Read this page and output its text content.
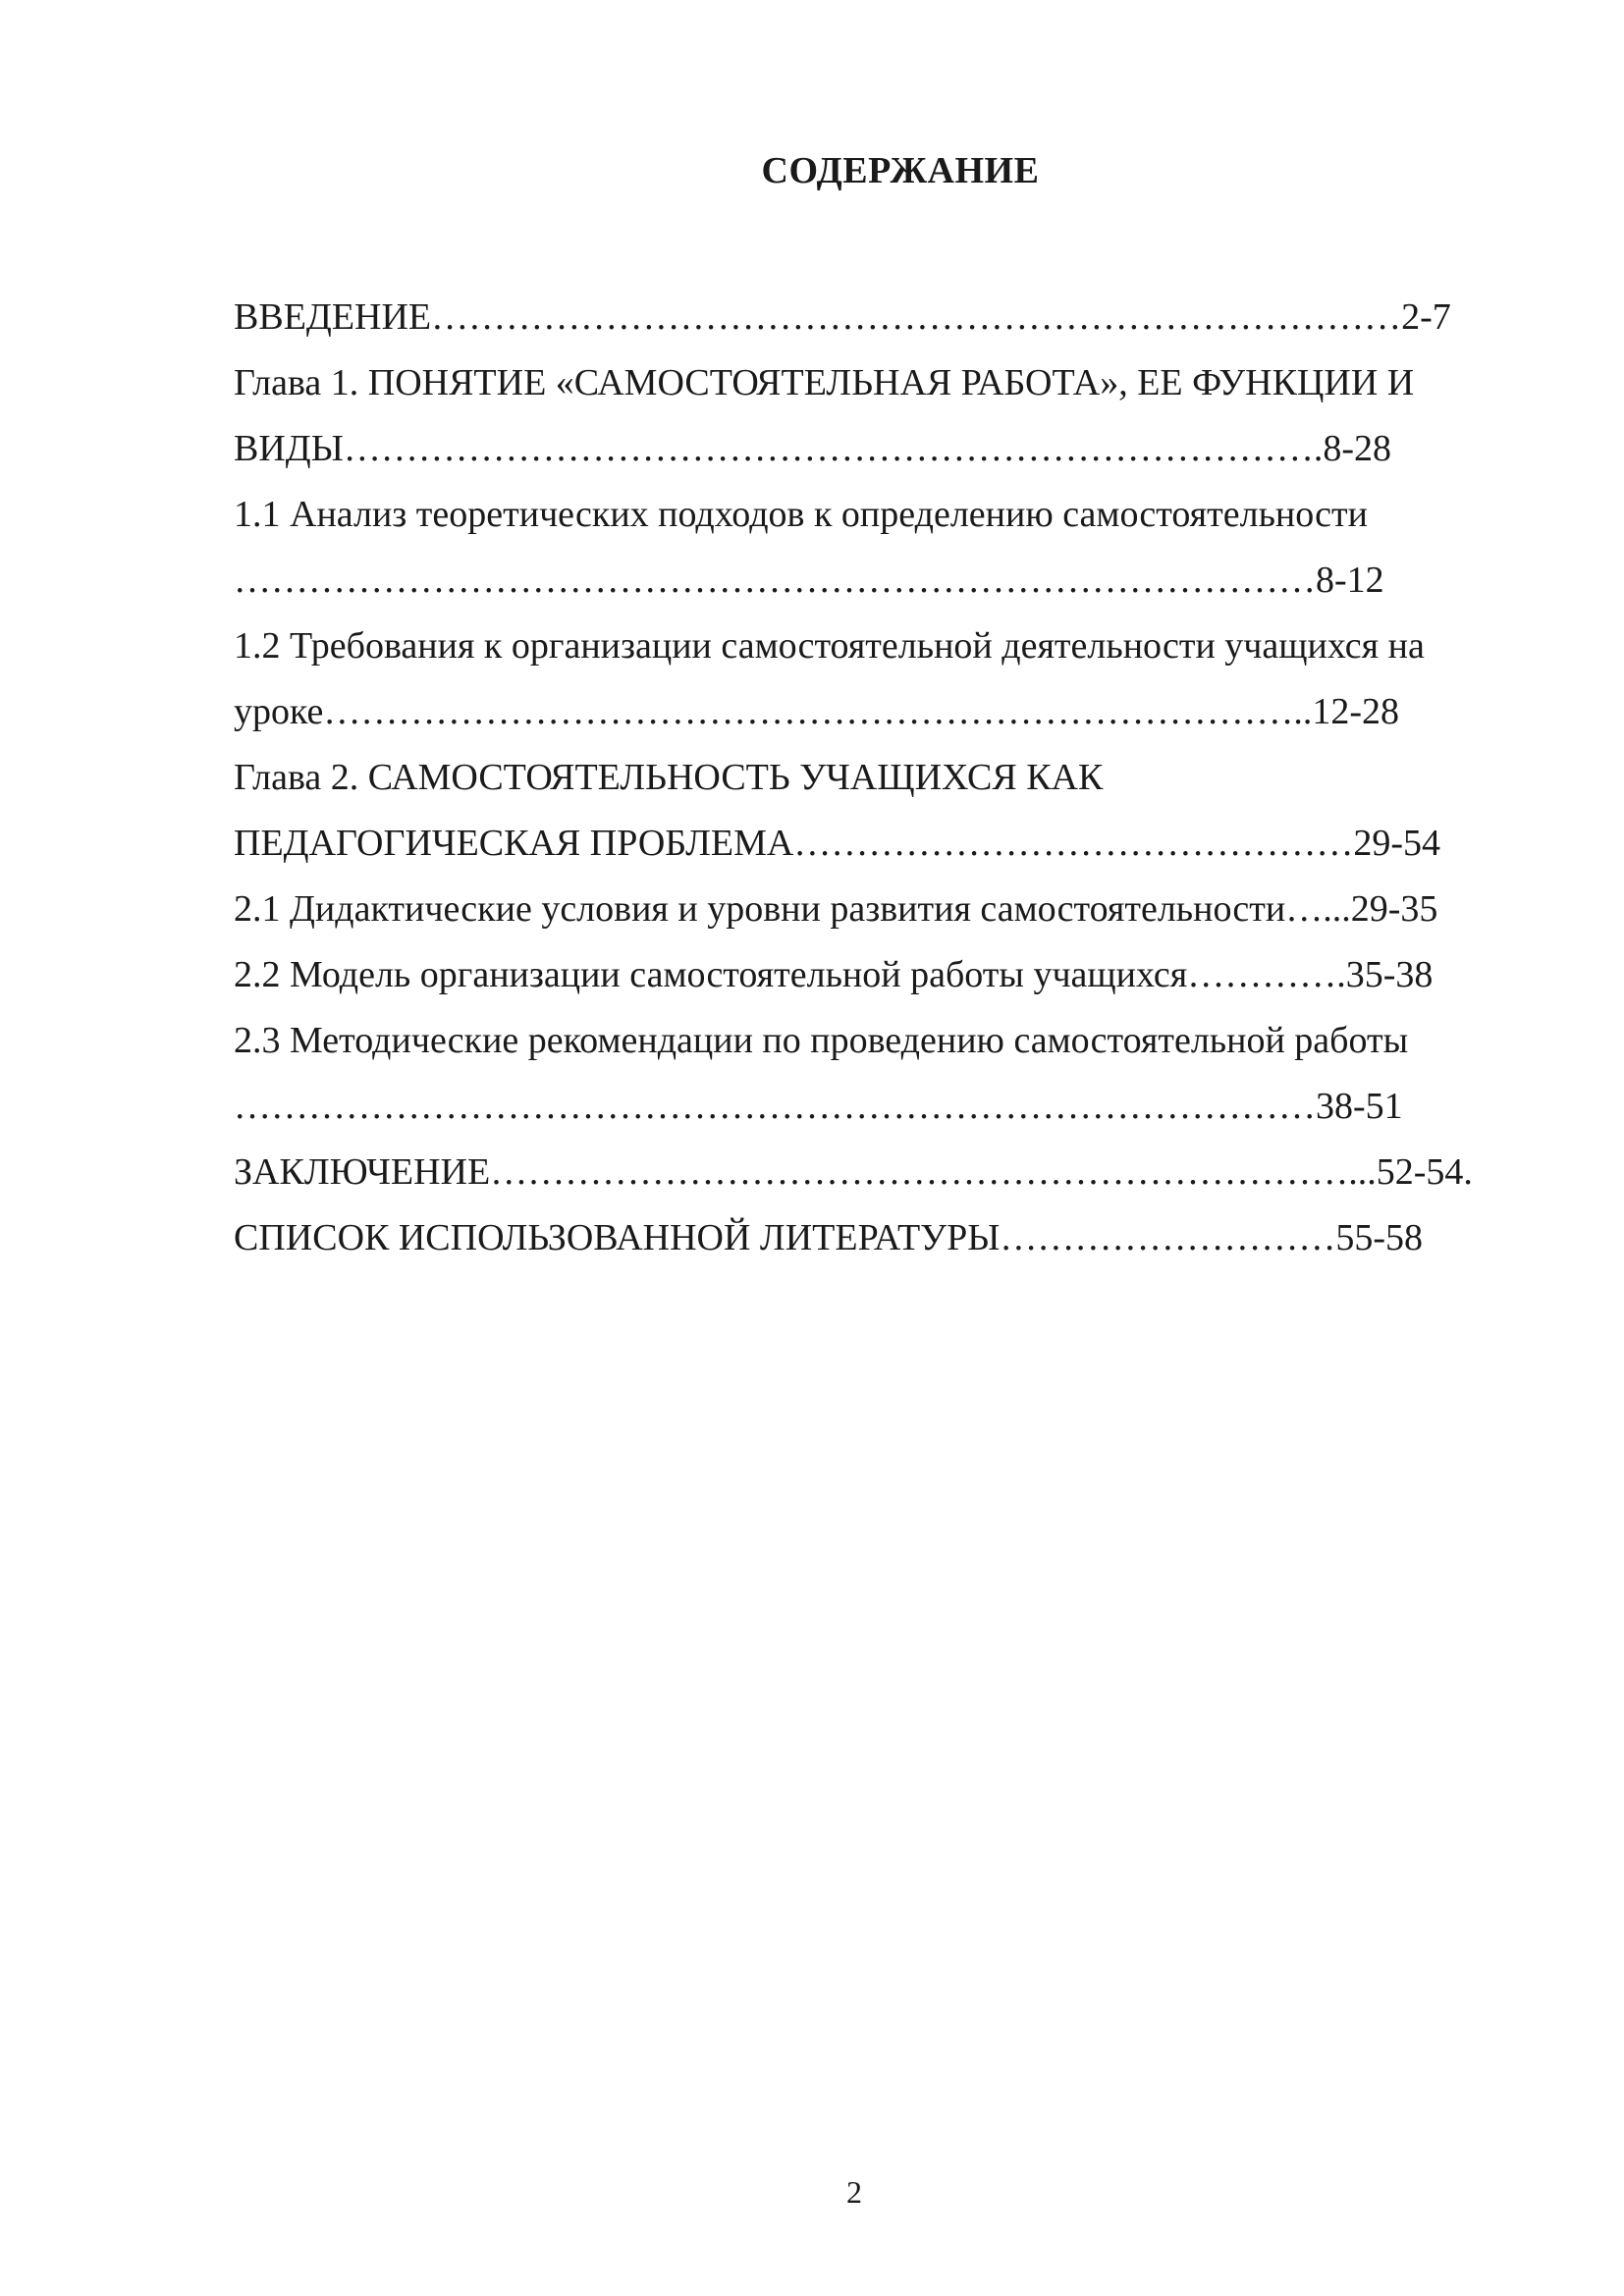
СОДЕРЖАНИЕ
ВВЕДЕНИЕ……………………………………………………………………2-7
Глава 1. ПОНЯТИЕ «САМОСТОЯТЕЛЬНАЯ РАБОТА», ЕЕ ФУНКЦИИ И
ВИДЫ…………………………………………………………………….8-28
1.1 Анализ теоретических подходов к определению самостоятельности
……………………………………………………………………………8-12
1.2 Требования к организации самостоятельной деятельности учащихся на
уроке……………………………………………………………………..12-28
Глава 2. САМОСТОЯТЕЛЬНОСТЬ УЧАЩИХСЯ КАК
ПЕДАГОГИЧЕСКАЯ ПРОБЛЕМА………………………………………29-54
2.1 Дидактические условия и уровни развития самостоятельности…...29-35
2.2 Модель организации самостоятельной работы учащихся………….35-38
2.3 Методические рекомендации по проведению самостоятельной работы
……………………………………………………………………………38-51
ЗАКЛЮЧЕНИЕ……………………………………………………………...52-54.
СПИСОК ИСПОЛЬЗОВАННОЙ ЛИТЕРАТУРЫ………………………55-58
2
